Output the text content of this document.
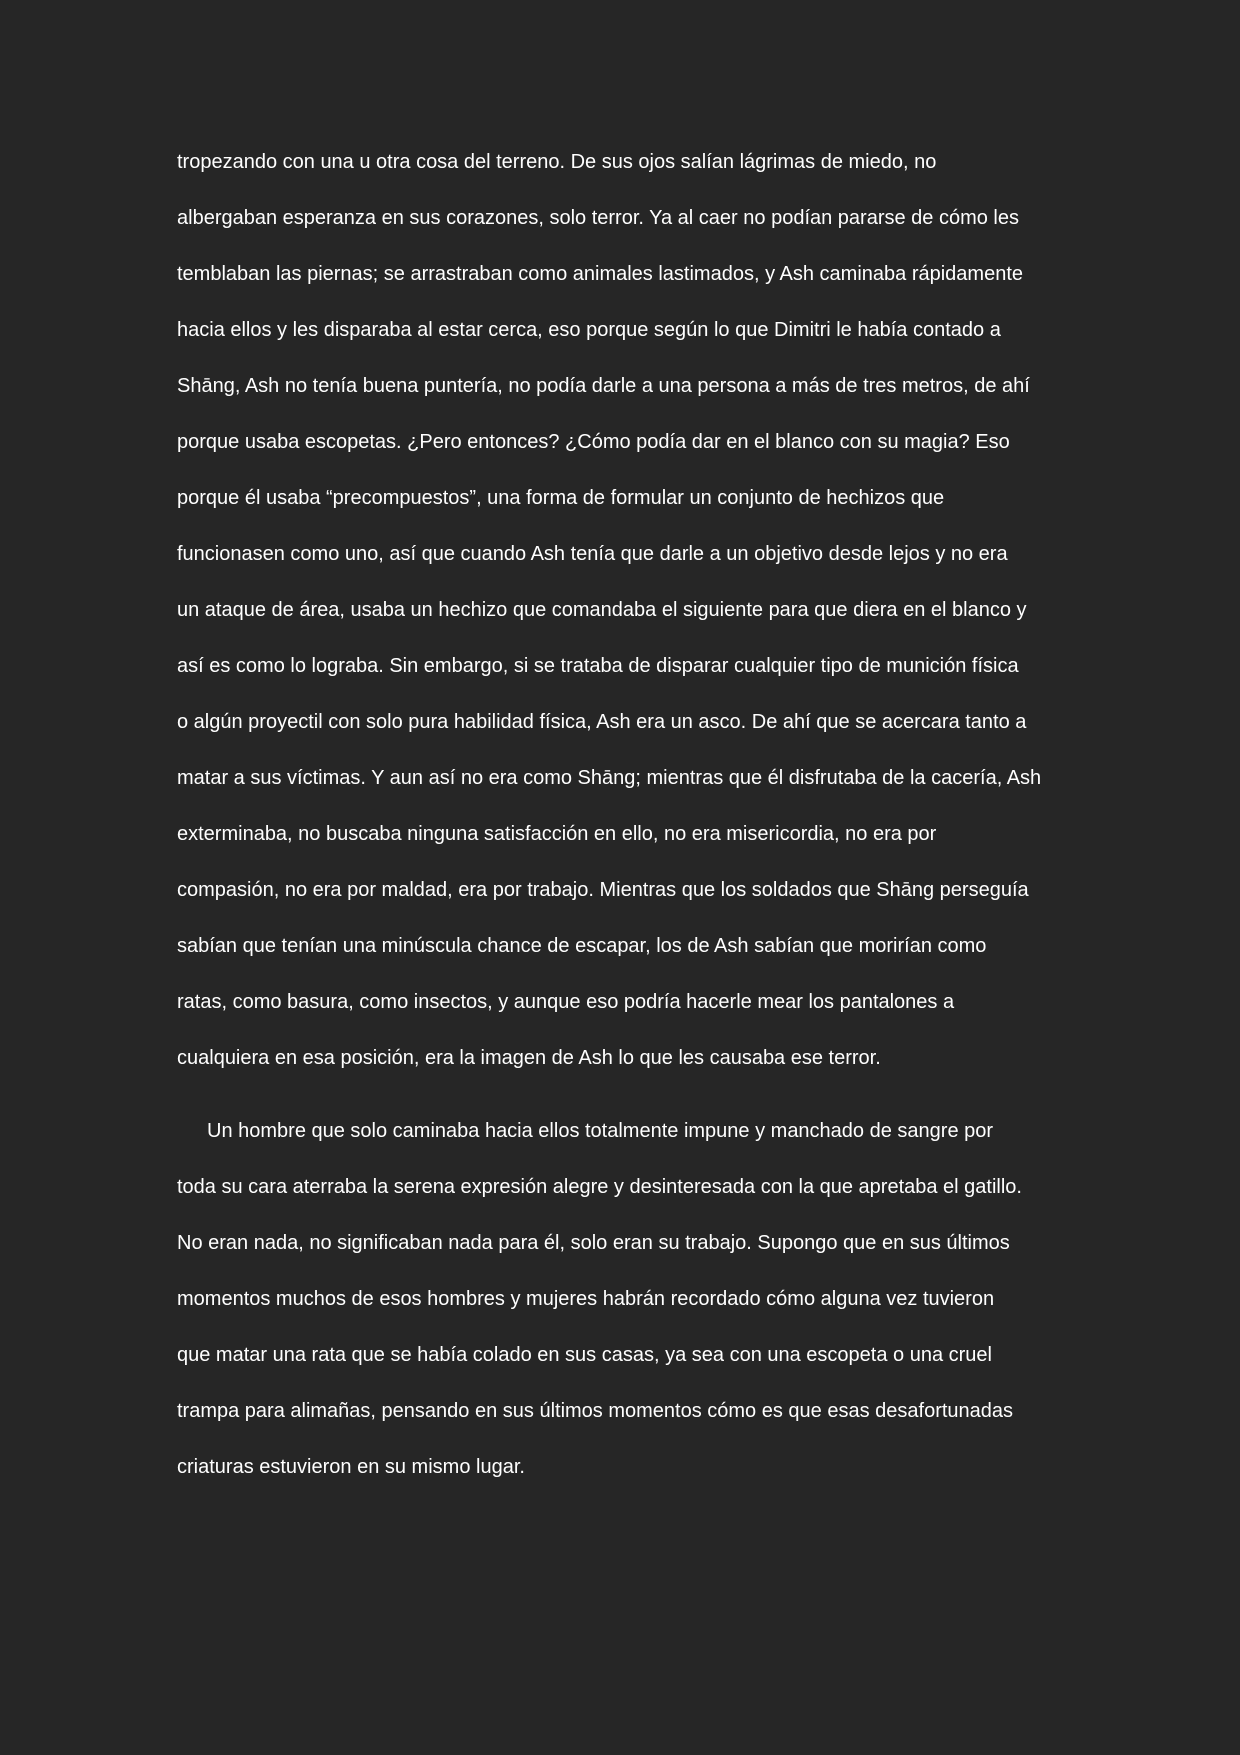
tropezando con una u otra cosa del terreno. De sus ojos salían lágrimas de miedo, no
albergaban esperanza en sus corazones, solo terror. Ya al caer no podían pararse de cómo les
temblaban las piernas; se arrastraban como animales lastimados, y Ash caminaba rápidamente
hacia ellos y les disparaba al estar cerca, eso porque según lo que Dimitri le había contado a
Shāng, Ash no tenía buena puntería, no podía darle a una persona a más de tres metros, de ahí
porque usaba escopetas. ¿Pero entonces? ¿Cómo podía dar en el blanco con su magia? Eso
porque él usaba “precompuestos”, una forma de formular un conjunto de hechizos que
funcionasen como uno, así que cuando Ash tenía que darle a un objetivo desde lejos y no era
un ataque de área, usaba un hechizo que comandaba el siguiente para que diera en el blanco y
así es como lo lograba. Sin embargo, si se trataba de disparar cualquier tipo de munición física
o algún proyectil con solo pura habilidad física, Ash era un asco. De ahí que se acercara tanto a
matar a sus víctimas. Y aun así no era como Shāng; mientras que él disfrutaba de la cacería, Ash
exterminaba, no buscaba ninguna satisfacción en ello, no era misericordia, no era por
compasión, no era por maldad, era por trabajo. Mientras que los soldados que Shāng perseguía
sabían que tenían una minúscula chance de escapar, los de Ash sabían que morirían como
ratas, como basura, como insectos, y aunque eso podría hacerle mear los pantalones a
cualquiera en esa posición, era la imagen de Ash lo que les causaba ese terror.
Un hombre que solo caminaba hacia ellos totalmente impune y manchado de sangre por
toda su cara aterraba la serena expresión alegre y desinteresada con la que apretaba el gatillo.
No eran nada, no significaban nada para él, solo eran su trabajo. Supongo que en sus últimos
momentos muchos de esos hombres y mujeres habrán recordado cómo alguna vez tuvieron
que matar una rata que se había colado en sus casas, ya sea con una escopeta o una cruel
trampa para alimañas, pensando en sus últimos momentos cómo es que esas desafortunadas
criaturas estuvieron en su mismo lugar.
